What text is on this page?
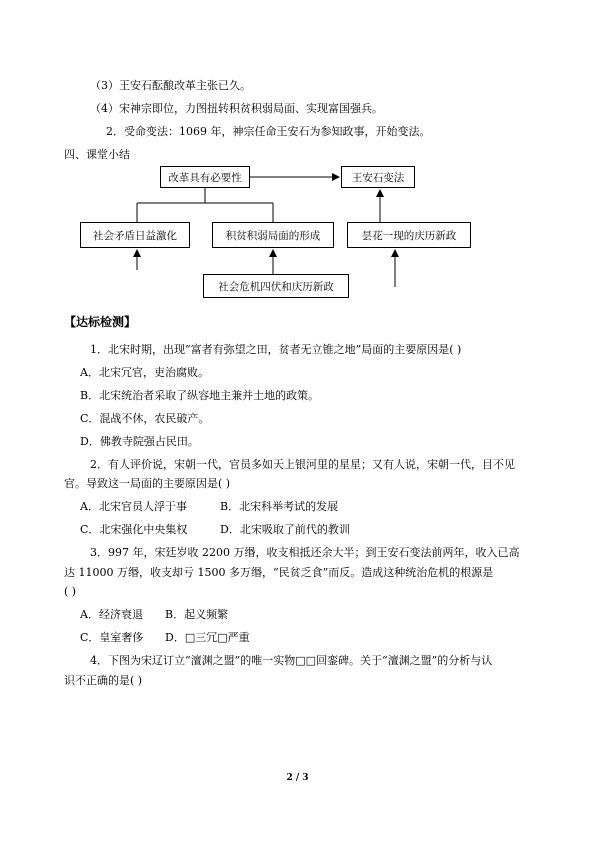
（3）王安石酝酿改革主张已久。
（4）宋神宗即位，力图扭转积贫积弱局面、实现富国强兵。
2．受命变法：1069 年，神宗任命王安石为参知政事，开始变法。
四、课堂小结
改革具有必要性	王安石变法
社会矛盾日益激化	积贫积弱局面的形成	昙花一现的庆历新政
社会危机四伏和庆历新政
【达标检测】
1．北宋时期，出现“富者有弥望之田，贫者无立锥之地”局面的主要原因是( )
A．北宋冗官，吏治腐败。
B．北宋统治者采取了纵容地主兼并土地的政策。
C．混战不休，农民破产。
D．佛教寺院强占民田。
2．有人评价说，宋朝一代，官员多如天上银河里的星星；又有人说，宋朝一代，目不见
官。导致这一局面的主要原因是( )
A．北宋官员人浮于事	B．北宋科举考试的发展
C．北宋强化中央集权	D．北宋吸取了前代的教训
3．997 年，宋廷岁收 2200 万缗，收支相抵还余大半；到王安石变法前两年，收入已高
达 11000 万缗，收支却亏 1500 多万缗，“民贫乏食”而反。造成这种统治危机的根源是
( )
A．经济衰退 B．起义频繁
C．皇室奢侈 D．□三冗□严重
4．下图为宋辽订立“澶渊之盟”的唯一实物□□回銮碑。关于“澶渊之盟”的分析与认
识不正确的是( )
2 / 3
